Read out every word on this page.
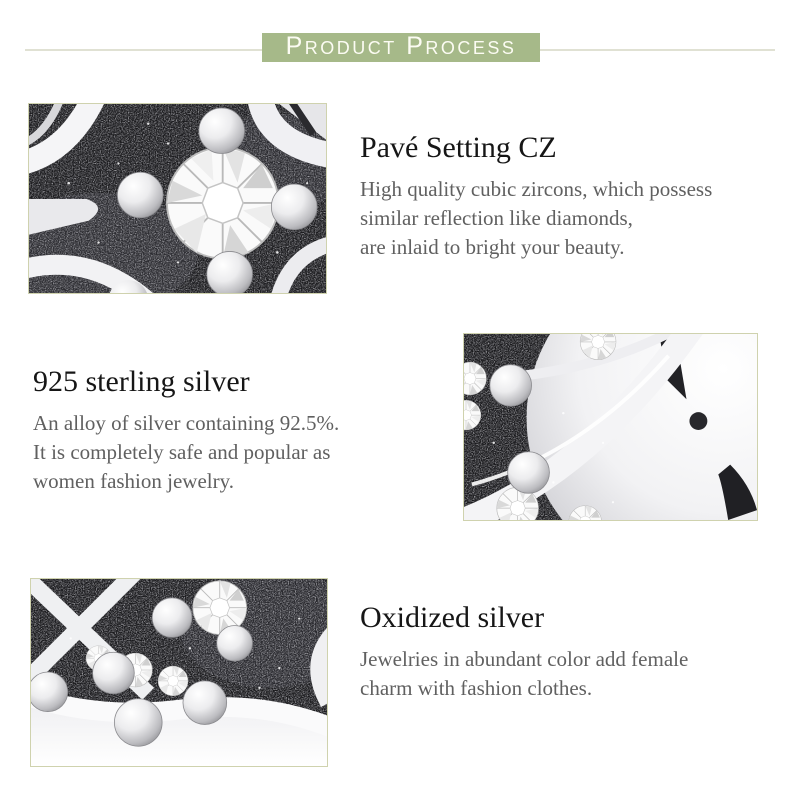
Product Process
Pavé Setting CZ
High quality cubic zircons, which possess
similar reflection like diamonds,
are inlaid to bright your beauty.
925 sterling silver
An alloy of silver containing 92.5%.
It is completely safe and popular as
women fashion jewelry.
Oxidized silver
Jewelries in abundant color add female
charm with fashion clothes.
